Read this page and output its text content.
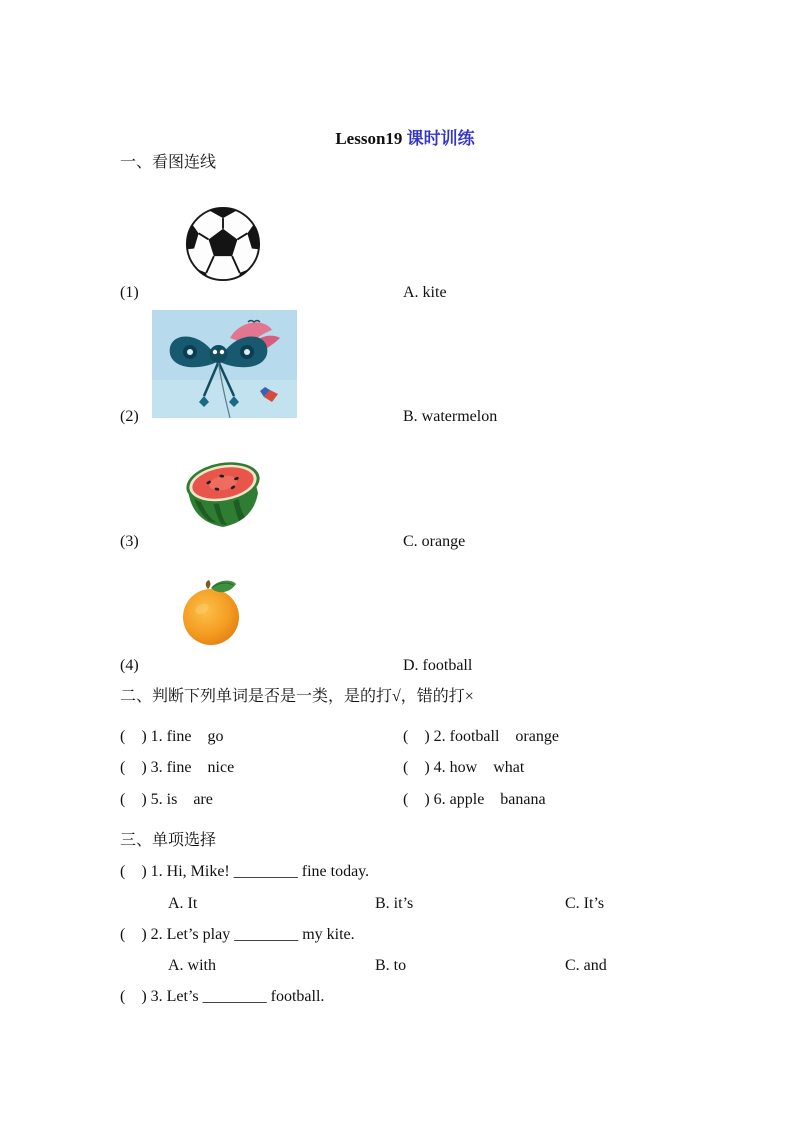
Lesson19 课时训练

一、看图连线
(1)	A. kite
(2)	B. watermelon
(3)	C. orange
(4)	D. football
二、判断下列单词是否是一类，是的打√，错的打×
(    ) 1. fine    go	(    ) 2. football    orange
(    ) 3. fine    nice	(    ) 4. how    what
(    ) 5. is    are	(    ) 6. apple    banana
三、单项选择
(    ) 1. Hi, Mike! ________ fine today.
A. It	B. it’s	C. It’s
(    ) 2. Let’s play ________ my kite.
A. with	B. to	C. and
(    ) 3. Let’s ________ football.
